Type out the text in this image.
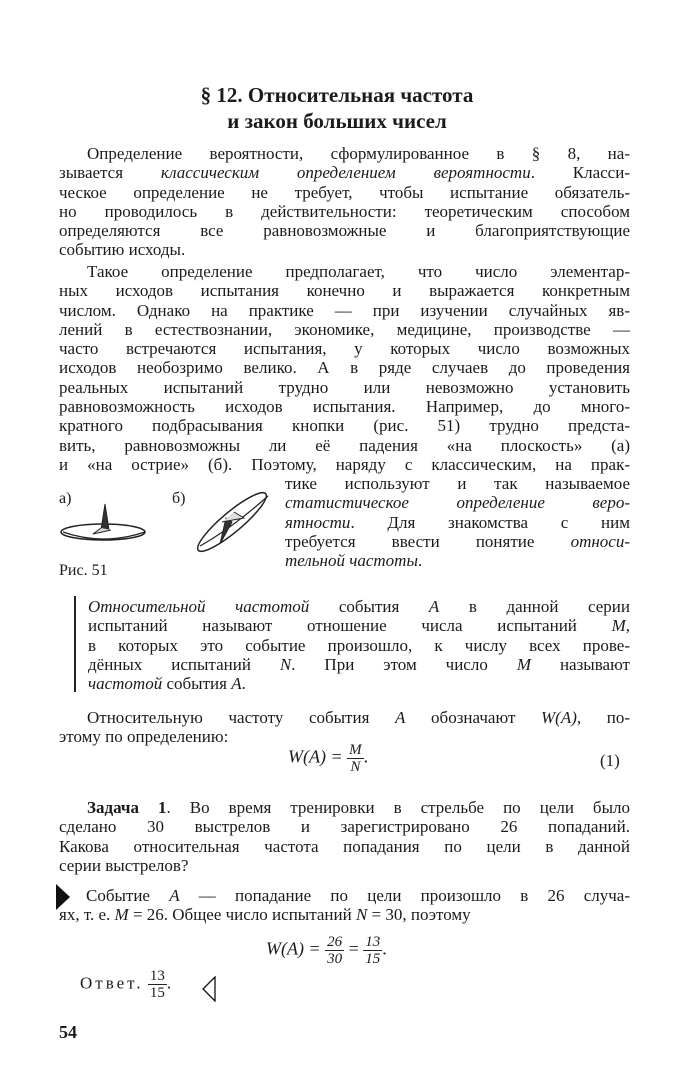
§ 12. Относительная частота
и закон больших чисел
Определение вероятности, сформулированное в § 8, на-
зывается классическим определением вероятности. Класси-
ческое определение не требует, чтобы испытание обязатель-
но проводилось в действительности: теоретическим способом
определяются все равновозможные и благоприятствующие
событию исходы.
Такое определение предполагает, что число элементар-
ных исходов испытания конечно и выражается конкретным
числом. Однако на практике — при изучении случайных яв-
лений в естествознании, экономике, медицине, производстве —
часто встречаются испытания, у которых число возможных
исходов необозримо велико. А в ряде случаев до проведения
реальных испытаний трудно или невозможно установить
равновозможность исходов испытания. Например, до много-
кратного подбрасывания кнопки (рис. 51) трудно предста-
вить, равновозможны ли её падения «на плоскость» (а)
и «на острие» (б). Поэтому, наряду с классическим, на прак-
тике используют и так называемое
статистическое определение веро-
ятности. Для знакомства с ним
требуется ввести понятие относи-
тельной частоты.
а)	б)
Рис. 51
Относительной частотой события A в данной серии
испытаний называют отношение числа испытаний M,
в которых это событие произошло, к числу всех прове-
дённых испытаний N. При этом число M называют
частотой события A.
Относительную частоту события A обозначают W(A), по-
этому по определению:
$W(A) = \frac{M}{N}$ .	(1)
Задача 1. Во время тренировки в стрельбе по цели было
сделано 30 выстрелов и зарегистрировано 26 попаданий.
Какова относительная частота попадания по цели в данной
серии выстрелов?
Событие A — попадание по цели произошло в 26 случа-
ях, т. е. M = 26. Общее число испытаний N = 30, поэтому
$W(A) = \frac{26}{30} = \frac{13}{15}$ .
Ответ. $\frac{13}{15}$ .
54
